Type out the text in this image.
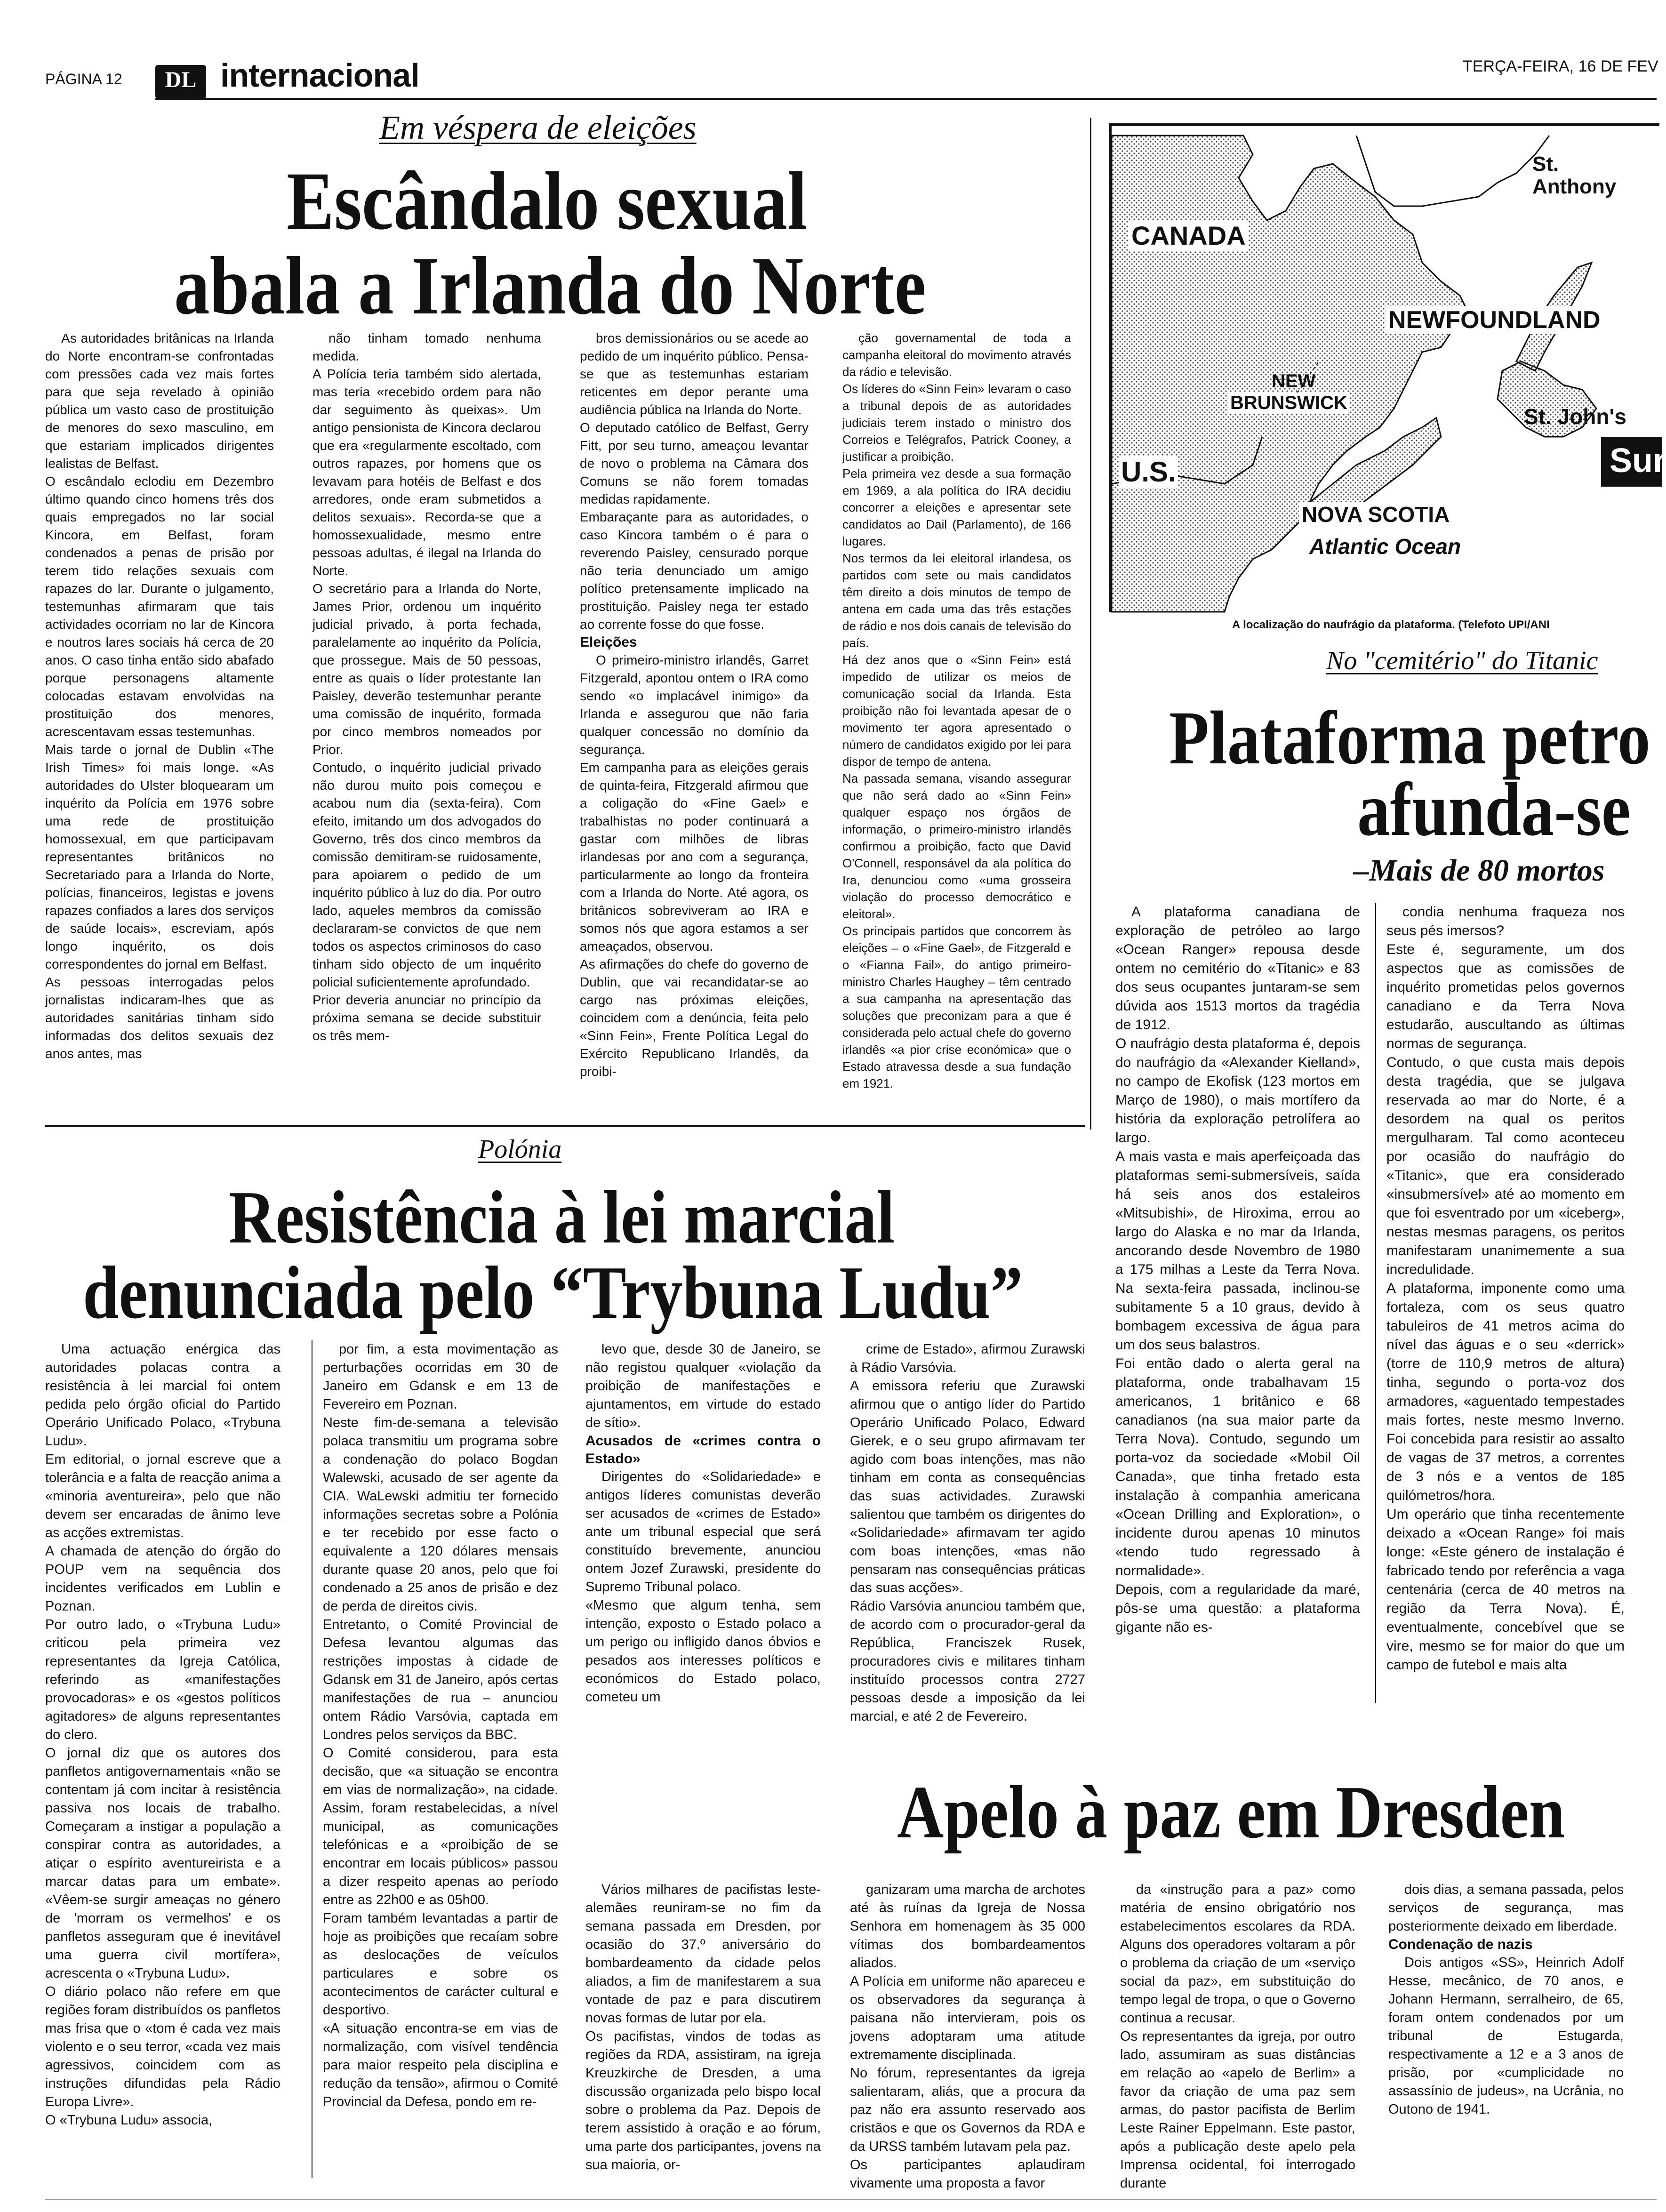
PÁGINA 12	DL internacional	TERÇA-FEIRA, 16 DE FEV
Em véspera de eleições
Escândalo sexual
abala a Irlanda do Norte

As autoridades britânicas na Irlanda do Norte encontram-se confrontadas com pressões cada vez mais fortes para que seja revelado à opinião pública um vasto caso de prostituição de menores do sexo masculino, em que estariam implicados dirigentes lealistas de Belfast.
O escândalo eclodiu em Dezembro último quando cinco homens três dos quais empregados no lar social Kincora, em Belfast, foram condenados a penas de prisão por terem tido relações sexuais com rapazes do lar. Durante o julgamento, testemunhas afirmaram que tais actividades ocorriam no lar de Kincora e noutros lares sociais há cerca de 20 anos. O caso tinha então sido abafado porque personagens altamente colocadas estavam envolvidas na prostituição dos menores, acrescentavam essas testemunhas.
Mais tarde o jornal de Dublin «The Irish Times» foi mais longe. «As autoridades do Ulster bloquearam um inquérito da Polícia em 1976 sobre uma rede de prostituição homossexual, em que participavam representantes britânicos no Secretariado para a Irlanda do Norte, polícias, financeiros, legistas e jovens rapazes confiados a lares dos serviços de saúde locais», escreviam, após longo inquérito, os dois correspondentes do jornal em Belfast.
As pessoas interrogadas pelos jornalistas indicaram-lhes que as autoridades sanitárias tinham sido informadas dos delitos sexuais dez anos antes, mas

não tinham tomado nenhuma medida.
A Polícia teria também sido alertada, mas teria «recebido ordem para não dar seguimento às queixas». Um antigo pensionista de Kincora declarou que era «regularmente escoltado, com outros rapazes, por homens que os levavam para hotéis de Belfast e dos arredores, onde eram submetidos a delitos sexuais». Recorda-se que a homossexualidade, mesmo entre pessoas adultas, é ilegal na Irlanda do Norte.
O secretário para a Irlanda do Norte, James Prior, ordenou um inquérito judicial privado, à porta fechada, paralelamente ao inquérito da Polícia, que prossegue. Mais de 50 pessoas, entre as quais o líder protestante Ian Paisley, deverão testemunhar perante uma comissão de inquérito, formada por cinco membros nomeados por Prior.
Contudo, o inquérito judicial privado não durou muito pois começou e acabou num dia (sexta-feira). Com efeito, imitando um dos advogados do Governo, três dos cinco membros da comissão demitiram-se ruidosamente, para apoiarem o pedido de um inquérito público à luz do dia. Por outro lado, aqueles membros da comissão declararam-se convictos de que nem todos os aspectos criminosos do caso tinham sido objecto de um inquérito policial suficientemente aprofundado.
Prior deveria anunciar no princípio da próxima semana se decide substituir os três mem-

bros demissionários ou se acede ao pedido de um inquérito público. Pensa-se que as testemunhas estariam reticentes em depor perante uma audiência pública na Irlanda do Norte.
O deputado católico de Belfast, Gerry Fitt, por seu turno, ameaçou levantar de novo o problema na Câmara dos Comuns se não forem tomadas medidas rapidamente.
Embaraçante para as autoridades, o caso Kincora também o é para o reverendo Paisley, censurado porque não teria denunciado um amigo político pretensamente implicado na prostituição. Paisley nega ter estado ao corrente fosse do que fosse.

Eleições

O primeiro-ministro irlandês, Garret Fitzgerald, apontou ontem o IRA como sendo «o implacável inimigo» da Irlanda e assegurou que não faria qualquer concessão no domínio da segurança.
Em campanha para as eleições gerais de quinta-feira, Fitzgerald afirmou que a coligação do «Fine Gael» e trabalhistas no poder continuará a gastar com milhões de libras irlandesas por ano com a segurança, particularmente ao longo da fronteira com a Irlanda do Norte. Até agora, os britânicos sobreviveram ao IRA e somos nós que agora estamos a ser ameaçados, observou.
As afirmações do chefe do governo de Dublin, que vai recandidatar-se ao cargo nas próximas eleições, coincidem com a denúncia, feita pelo «Sinn Fein», Frente Política Legal do Exército Republicano Irlandês, da proibi-

ção governamental de toda a campanha eleitoral do movimento através da rádio e televisão.
Os líderes do «Sinn Fein» levaram o caso a tribunal depois de as autoridades judiciais terem instado o ministro dos Correios e Telégrafos, Patrick Cooney, a justificar a proibição.
Pela primeira vez desde a sua formação em 1969, a ala política do IRA decidiu concorrer a eleições e apresentar sete candidatos ao Dail (Parlamento), de 166 lugares.
Nos termos da lei eleitoral irlandesa, os partidos com sete ou mais candidatos têm direito a dois minutos de tempo de antena em cada uma das três estações de rádio e nos dois canais de televisão do país.
Há dez anos que o «Sinn Fein» está impedido de utilizar os meios de comunicação social da Irlanda. Esta proibição não foi levantada apesar de o movimento ter agora apresentado o número de candidatos exigido por lei para dispor de tempo de antena.
Na passada semana, visando assegurar que não será dado ao «Sinn Fein» qualquer espaço nos órgãos de informação, o primeiro-ministro irlandês confirmou a proibição, facto que David O'Connell, responsável da ala política do Ira, denunciou como «uma grosseira violação do processo democrático e eleitoral».
Os principais partidos que concorrem às eleições – o «Fine Gael», de Fitzgerald e o «Fianna Fail», do antigo primeiro-ministro Charles Haughey – têm centrado a sua campanha na apresentação das soluções que preconizam para a que é considerada pelo actual chefe do governo irlandês «a pior crise económica» que o Estado atravessa desde a sua fundação em 1921.

St.
Anthony
CANADA
NEWFOUNDLAND
NEW
BRUNSWICK
St. John's
Sur
U.S.
NOVA SCOTIA
Atlantic Ocean
A localização do naufrágio da plataforma. (Telefoto UPI/ANI
No "cemitério" do Titanic
Plataforma petro
afunda-se
–Mais de 80 mortos

A plataforma canadiana de exploração de petróleo ao largo «Ocean Ranger» repousa desde ontem no cemitério do «Titanic» e 83 dos seus ocupantes juntaram-se sem dúvida aos 1513 mortos da tragédia de 1912.
O naufrágio desta plataforma é, depois do naufrágio da «Alexander Kielland», no campo de Ekofisk (123 mortos em Março de 1980), o mais mortífero da história da exploração petrolífera ao largo.
A mais vasta e mais aperfeiçoada das plataformas semi-submersíveis, saída há seis anos dos estaleiros «Mitsubishi», de Hiroxima, errou ao largo do Alaska e no mar da Irlanda, ancorando desde Novembro de 1980 a 175 milhas a Leste da Terra Nova. Na sexta-feira passada, inclinou-se subitamente 5 a 10 graus, devido à bombagem excessiva de água para um dos seus balastros.
Foi então dado o alerta geral na plataforma, onde trabalhavam 15 americanos, 1 britânico e 68 canadianos (na sua maior parte da Terra Nova). Contudo, segundo um porta-voz da sociedade «Mobil Oil Canada», que tinha fretado esta instalação à companhia americana «Ocean Drilling and Exploration», o incidente durou apenas 10 minutos «tendo tudo regressado à normalidade».
Depois, com a regularidade da maré, pôs-se uma questão: a plataforma gigante não es-

condia nenhuma fraqueza nos seus pés imersos?
Este é, seguramente, um dos aspectos que as comissões de inquérito prometidas pelos governos canadiano e da Terra Nova estudarão, auscultando as últimas normas de segurança.
Contudo, o que custa mais depois desta tragédia, que se julgava reservada ao mar do Norte, é a desordem na qual os peritos mergulharam. Tal como aconteceu por ocasião do naufrágio do «Titanic», que era considerado «insubmersível» até ao momento em que foi esventrado por um «iceberg», nestas mesmas paragens, os peritos manifestaram unanimemente a sua incredulidade.
A plataforma, imponente como uma fortaleza, com os seus quatro tabuleiros de 41 metros acima do nível das águas e o seu «derrick» (torre de 110,9 metros de altura) tinha, segundo o porta-voz dos armadores, «aguentado tempestades mais fortes, neste mesmo Inverno. Foi concebida para resistir ao assalto de vagas de 37 metros, a correntes de 3 nós e a ventos de 185 quilómetros/hora.
Um operário que tinha recentemente deixado a «Ocean Range» foi mais longe: «Este género de instalação é fabricado tendo por referência a vaga centenária (cerca de 40 metros na região da Terra Nova). É, eventualmente, concebível que se vire, mesmo se for maior do que um campo de futebol e mais alta

Polónia
Resistência à lei marcial
denunciada pelo “Trybuna Ludu”

Uma actuação enérgica das autoridades polacas contra a resistência à lei marcial foi ontem pedida pelo órgão oficial do Partido Operário Unificado Polaco, «Trybuna Ludu».
Em editorial, o jornal escreve que a tolerância e a falta de reacção anima a «minoria aventureira», pelo que não devem ser encaradas de ânimo leve as acções extremistas.
A chamada de atenção do órgão do POUP vem na sequência dos incidentes verificados em Lublin e Poznan.
Por outro lado, o «Trybuna Ludu» criticou pela primeira vez representantes da Igreja Católica, referindo as «manifestações provocadoras» e os «gestos políticos agitadores» de alguns representantes do clero.
O jornal diz que os autores dos panfletos antigovernamentais «não se contentam já com incitar à resistência passiva nos locais de trabalho. Começaram a instigar a população a conspirar contra as autoridades, a atiçar o espírito aventureirista e a marcar datas para um embate». «Vêem-se surgir ameaças no género de 'morram os vermelhos' e os panfletos asseguram que é inevitável uma guerra civil mortífera», acrescenta o «Trybuna Ludu».
O diário polaco não refere em que regiões foram distribuídos os panfletos mas frisa que o «tom é cada vez mais violento e o seu terror, «cada vez mais agressivos, coincidem com as instruções difundidas pela Rádio Europa Livre».
O «Trybuna Ludu» associa,

por fim, a esta movimentação as perturbações ocorridas em 30 de Janeiro em Gdansk e em 13 de Fevereiro em Poznan.
Neste fim-de-semana a televisão polaca transmitiu um programa sobre a condenação do polaco Bogdan Walewski, acusado de ser agente da CIA. WaLewski admitiu ter fornecido informações secretas sobre a Polónia e ter recebido por esse facto o equivalente a 120 dólares mensais durante quase 20 anos, pelo que foi condenado a 25 anos de prisão e dez de perda de direitos civis.
Entretanto, o Comité Provincial de Defesa levantou algumas das restrições impostas à cidade de Gdansk em 31 de Janeiro, após certas manifestações de rua – anunciou ontem Rádio Varsóvia, captada em Londres pelos serviços da BBC.
O Comité considerou, para esta decisão, que «a situação se encontra em vias de normalização», na cidade. Assim, foram restabelecidas, a nível municipal, as comunicações telefónicas e a «proibição de se encontrar em locais públicos» passou a dizer respeito apenas ao período entre as 22h00 e as 05h00.
Foram também levantadas a partir de hoje as proibições que recaíam sobre as deslocações de veículos particulares e sobre os acontecimentos de carácter cultural e desportivo.
«A situação encontra-se em vias de normalização, com visível tendência para maior respeito pela disciplina e redução da tensão», afirmou o Comité Provincial da Defesa, pondo em re-

levo que, desde 30 de Janeiro, se não registou qualquer «violação da proibição de manifestações e ajuntamentos, em virtude do estado de sítio».

Acusados de «crimes contra o Estado»

Dirigentes do «Solidariedade» e antigos líderes comunistas deverão ser acusados de «crimes de Estado» ante um tribunal especial que será constituído brevemente, anunciou ontem Jozef Zurawski, presidente do Supremo Tribunal polaco.
«Mesmo que algum tenha, sem intenção, exposto o Estado polaco a um perigo ou infligido danos óbvios e pesados aos interesses políticos e económicos do Estado polaco, cometeu um

crime de Estado», afirmou Zurawski à Rádio Varsóvia.
A emissora referiu que Zurawski afirmou que o antigo líder do Partido Operário Unificado Polaco, Edward Gierek, e o seu grupo afirmavam ter agido com boas intenções, mas não tinham em conta as consequências das suas actividades. Zurawski salientou que também os dirigentes do «Solidariedade» afirmavam ter agido com boas intenções, «mas não pensaram nas consequências práticas das suas acções».
Rádio Varsóvia anunciou também que, de acordo com o procurador-geral da República, Franciszek Rusek, procuradores civis e militares tinham instituído processos contra 2727 pessoas desde a imposição da lei marcial, e até 2 de Fevereiro.

Apelo à paz em Dresden

Vários milhares de pacifistas leste-alemães reuniram-se no fim da semana passada em Dresden, por ocasião do 37.º aniversário do bombardeamento da cidade pelos aliados, a fim de manifestarem a sua vontade de paz e para discutirem novas formas de lutar por ela.
Os pacifistas, vindos de todas as regiões da RDA, assistiram, na igreja Kreuzkirche de Dresden, a uma discussão organizada pelo bispo local sobre o problema da Paz. Depois de terem assistido à oração e ao fórum, uma parte dos participantes, jovens na sua maioria, or-

ganizaram uma marcha de archotes até às ruínas da Igreja de Nossa Senhora em homenagem às 35 000 vítimas dos bombardeamentos aliados.
A Polícia em uniforme não apareceu e os observadores da segurança à paisana não intervieram, pois os jovens adoptaram uma atitude extremamente disciplinada.
No fórum, representantes da igreja salientaram, aliás, que a procura da paz não era assunto reservado aos cristãos e que os Governos da RDA e da URSS também lutavam pela paz.
Os participantes aplaudiram vivamente uma proposta a favor

da «instrução para a paz» como matéria de ensino obrigatório nos estabelecimentos escolares da RDA. Alguns dos operadores voltaram a pôr o problema da criação de um «serviço social da paz», em substituição do tempo legal de tropa, o que o Governo continua a recusar.
Os representantes da igreja, por outro lado, assumiram as suas distâncias em relação ao «apelo de Berlim» a favor da criação de uma paz sem armas, do pastor pacifista de Berlim Leste Rainer Eppelmann. Este pastor, após a publicação deste apelo pela Imprensa ocidental, foi interrogado durante

dois dias, a semana passada, pelos serviços de segurança, mas posteriormente deixado em liberdade.

Condenação de nazis

Dois antigos «SS», Heinrich Adolf Hesse, mecânico, de 70 anos, e Johann Hermann, serralheiro, de 65, foram ontem condenados por um tribunal de Estugarda, respectivamente a 12 e a 3 anos de prisão, por «cumplicidade no assassínio de judeus», na Ucrânia, no Outono de 1941.
